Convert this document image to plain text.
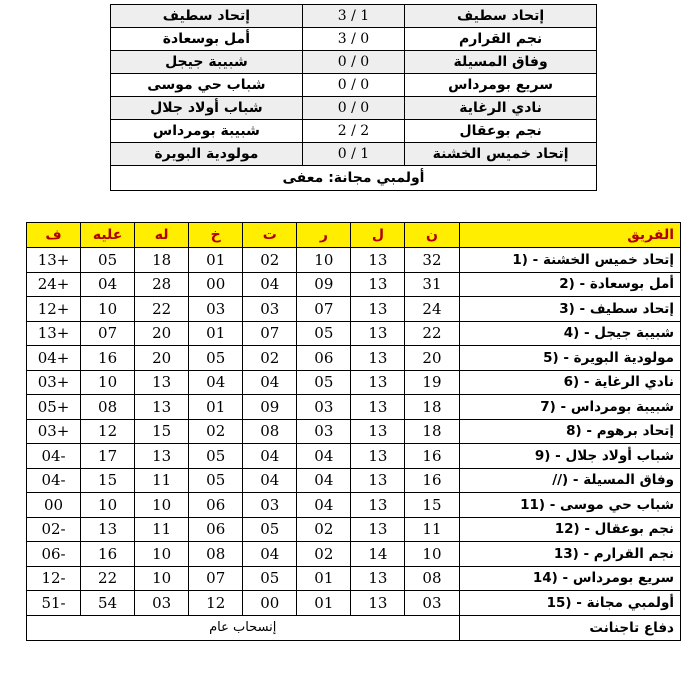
إتحاد سطيف	3 / 1	إتحاد سطيف
أمل بوسعادة	3 / 0	نجم القرارم
شبيبة جيجل	0 / 0	وفاق المسيلة
شباب حي موسى	0 / 0	سريع بومرداس
شباب أولاد جلال	0 / 0	نادي الرغاية
شبيبة بومرداس	2 / 2	نجم بوعقال
مولودية البويرة	0 / 1	إتحاد خميس الخشنة
أولمبي مجانة: معفى		
ف	عليه	له	خ	ت	ر	ل	ن	الفريق
13+	05	18	01	02	10	13	32	1) - إتحاد خميس الخشنة
24+	04	28	00	04	09	13	31	2) - أمل بوسعادة
12+	10	22	03	03	07	13	24	3) - إتحاد سطيف
13+	07	20	01	07	05	13	22	4) - شبيبة جيجل
04+	16	20	05	02	06	13	20	5) - مولودية البويرة
03+	10	13	04	04	05	13	19	6) - نادي الرغاية
05+	08	13	01	09	03	13	18	7) - شبيبة بومرداس
03+	12	15	02	08	03	13	18	8) - إتحاد برهوم
04-	17	13	05	04	04	13	16	9) - شباب أولاد جلال
04-	15	11	05	04	04	13	16	//) - وفاق المسيلة
00	10	10	06	03	04	13	15	11) - شباب حي موسى
02-	13	11	06	05	02	13	11	12) - نجم بوعقال
06-	16	10	08	04	02	14	10	13) - نجم القرارم
12-	22	10	07	05	01	13	08	14) - سريع بومرداس
51-	54	03	12	00	01	13	03	15) - أولمبي مجانة
إنسحاب عام								دفاع تاجنانت
